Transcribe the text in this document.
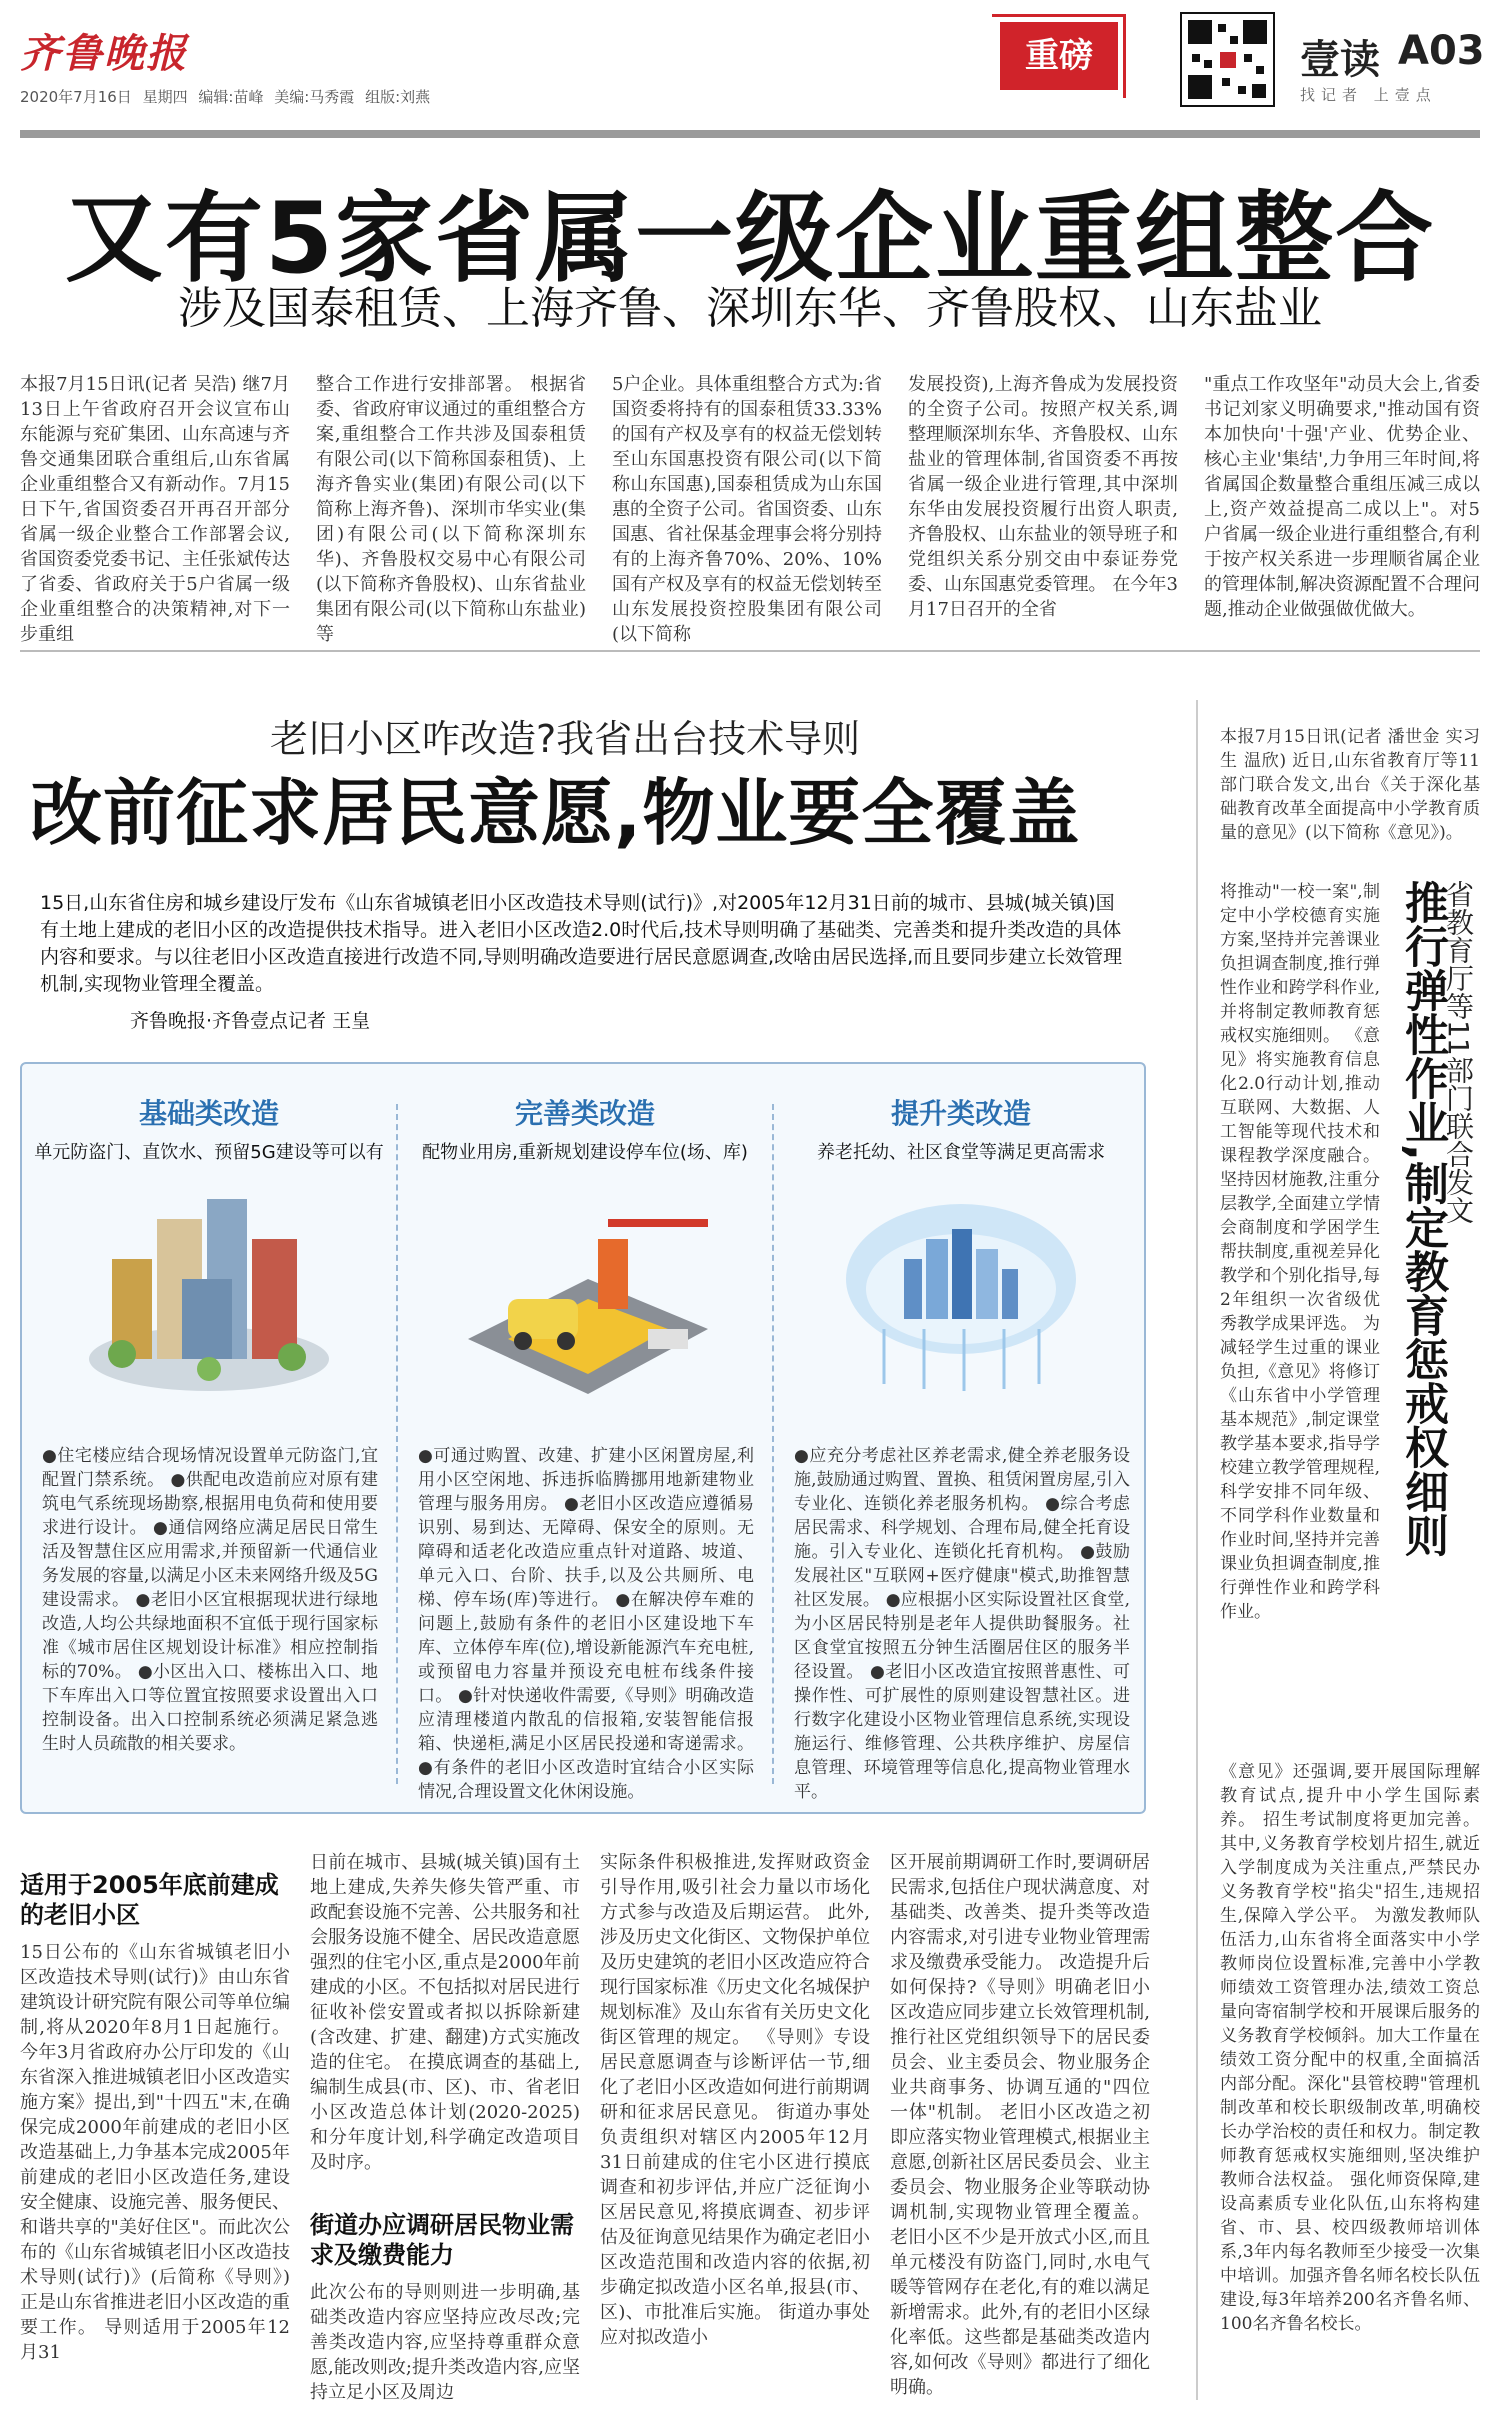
齐鲁晚报
2020年7月16日 星期四 编辑:苗峰 美编:马秀霞 组版:刘燕
重磅	壹读 A03
找记者 上壹点
又有5家省属一级企业重组整合
涉及国泰租赁、上海齐鲁、深圳东华、齐鲁股权、山东盐业
本报7月15日讯(记者 吴浩) 继7月13日上午省政府召开会议宣布山东能源与兖矿集团、山东高速与齐鲁交通集团联合重组后,山东省属企业重组整合又有新动作。7月15日下午,省国资委召开再召开部分省属一级企业整合工作部署会议,省国资委党委书记、主任张斌传达了省委、省政府关于5户省属一级企业重组整合的决策精神,对下一步重组
整合工作进行安排部署。 根据省委、省政府审议通过的重组整合方案,重组整合工作共涉及国泰租赁有限公司(以下简称国泰租赁)、上海齐鲁实业(集团)有限公司(以下简称上海齐鲁)、深圳市华实业(集团)有限公司(以下简称深圳东华)、齐鲁股权交易中心有限公司(以下简称齐鲁股权)、山东省盐业集团有限公司(以下简称山东盐业)等
5户企业。具体重组整合方式为:省国资委将持有的国泰租赁33.33%的国有产权及享有的权益无偿划转至山东国惠投资有限公司(以下简称山东国惠),国泰租赁成为山东国惠的全资子公司。省国资委、山东国惠、省社保基金理事会将分别持有的上海齐鲁70%、20%、10%国有产权及享有的权益无偿划转至山东发展投资控股集团有限公司(以下简称
发展投资),上海齐鲁成为发展投资的全资子公司。按照产权关系,调整理顺深圳东华、齐鲁股权、山东盐业的管理体制,省国资委不再按省属一级企业进行管理,其中深圳东华由发展投资履行出资人职责,齐鲁股权、山东盐业的领导班子和党组织关系分别交由中泰证券党委、山东国惠党委管理。 在今年3月17日召开的全省
"重点工作攻坚年"动员大会上,省委书记刘家义明确要求,"推动国有资本加快向'十强'产业、优势企业、核心主业'集结',力争用三年时间,将省属国企数量整合重组压减三成以上,资产效益提高二成以上"。对5户省属一级企业进行重组整合,有利于按产权关系进一步理顺省属企业的管理体制,解决资源配置不合理问题,推动企业做强做优做大。
老旧小区咋改造?我省出台技术导则
改前征求居民意愿,物业要全覆盖
15日,山东省住房和城乡建设厅发布《山东省城镇老旧小区改造技术导则(试行)》,对2005年12月31日前的城市、县城(城关镇)国有土地上建成的老旧小区的改造提供技术指导。进入老旧小区改造2.0时代后,技术导则明确了基础类、完善类和提升类改造的具体内容和要求。与以往老旧小区改造直接进行改造不同,导则明确改造要进行居民意愿调查,改啥由居民选择,而且要同步建立长效管理机制,实现物业管理全覆盖。
齐鲁晚报·齐鲁壹点记者 王皇
基础类改造
单元防盗门、直饮水、预留5G建设等可以有
●住宅楼应结合现场情况设置单元防盗门,宜配置门禁系统。 ●供配电改造前应对原有建筑电气系统现场勘察,根据用电负荷和使用要求进行设计。 ●通信网络应满足居民日常生活及智慧住区应用需求,并预留新一代通信业务发展的容量,以满足小区未来网络升级及5G建设需求。 ●老旧小区宜根据现状进行绿地改造,人均公共绿地面积不宜低于现行国家标准《城市居住区规划设计标准》相应控制指标的70%。 ●小区出入口、楼栋出入口、地下车库出入口等位置宜按照要求设置出入口控制设备。出入口控制系统必须满足紧急逃生时人员疏散的相关要求。
完善类改造
配物业用房,重新规划建设停车位(场、库)
●可通过购置、改建、扩建小区闲置房屋,利用小区空闲地、拆违拆临腾挪用地新建物业管理与服务用房。 ●老旧小区改造应遵循易识别、易到达、无障碍、保安全的原则。无障碍和适老化改造应重点针对道路、坡道、单元入口、台阶、扶手,以及公共厕所、电梯、停车场(库)等进行。 ●在解决停车难的问题上,鼓励有条件的老旧小区建设地下车库、立体停车库(位),增设新能源汽车充电桩,或预留电力容量并预设充电桩布线条件接口。 ●针对快递收件需要,《导则》明确改造应清理楼道内散乱的信报箱,安装智能信报箱、快递柜,满足小区居民投递和寄递需求。 ●有条件的老旧小区改造时宜结合小区实际情况,合理设置文化休闲设施。
提升类改造
养老托幼、社区食堂等满足更高需求
●应充分考虑社区养老需求,健全养老服务设施,鼓励通过购置、置换、租赁闲置房屋,引入专业化、连锁化养老服务机构。 ●综合考虑居民需求、科学规划、合理布局,健全托育设施。引入专业化、连锁化托育机构。 ●鼓励发展社区"互联网+医疗健康"模式,助推智慧社区发展。 ●应根据小区实际设置社区食堂,为小区居民特别是老年人提供助餐服务。社区食堂宜按照五分钟生活圈居住区的服务半径设置。 ●老旧小区改造宜按照普惠性、可操作性、可扩展性的原则建设智慧社区。进行数字化建设小区物业管理信息系统,实现设施运行、维修管理、公共秩序维护、房屋信息管理、环境管理等信息化,提高物业管理水平。
适用于2005年底前建成的老旧小区
15日公布的《山东省城镇老旧小区改造技术导则(试行)》由山东省建筑设计研究院有限公司等单位编制,将从2020年8月1日起施行。 今年3月省政府办公厅印发的《山东省深入推进城镇老旧小区改造实施方案》提出,到"十四五"末,在确保完成2000年前建成的老旧小区改造基础上,力争基本完成2005年前建成的老旧小区改造任务,建设安全健康、设施完善、服务便民、和谐共享的"美好住区"。而此次公布的《山东省城镇老旧小区改造技术导则(试行)》(后简称《导则》)正是山东省推进老旧小区改造的重要工作。 导则适用于2005年12月31
日前在城市、县城(城关镇)国有土地上建成,失养失修失管严重、市政配套设施不完善、公共服务和社会服务设施不健全、居民改造意愿强烈的住宅小区,重点是2000年前建成的小区。不包括拟对居民进行征收补偿安置或者拟以拆除新建(含改建、扩建、翻建)方式实施改造的住宅。 在摸底调查的基础上,编制生成县(市、区)、市、省老旧小区改造总体计划(2020-2025)和分年度计划,科学确定改造项目及时序。
街道办应调研居民物业需求及缴费能力
此次公布的导则则进一步明确,基础类改造内容应坚持应改尽改;完善类改造内容,应坚持尊重群众意愿,能改则改;提升类改造内容,应坚持立足小区及周边
实际条件积极推进,发挥财政资金引导作用,吸引社会力量以市场化方式参与改造及后期运营。 此外,涉及历史文化街区、文物保护单位及历史建筑的老旧小区改造应符合现行国家标准《历史文化名城保护规划标准》及山东省有关历史文化街区管理的规定。 《导则》专设居民意愿调查与诊断评估一节,细化了老旧小区改造如何进行前期调研和征求居民意见。 街道办事处负责组织对辖区内2005年12月31日前建成的住宅小区进行摸底调查和初步评估,并应广泛征询小区居民意见,将摸底调查、初步评估及征询意见结果作为确定老旧小区改造范围和改造内容的依据,初步确定拟改造小区名单,报县(市、区)、市批准后实施。 街道办事处应对拟改造小
区开展前期调研工作时,要调研居民需求,包括住户现状满意度、对基础类、改善类、提升类等改造内容需求,对引进专业物业管理需求及缴费承受能力。 改造提升后如何保持?《导则》明确老旧小区改造应同步建立长效管理机制,推行社区党组织领导下的居民委员会、业主委员会、物业服务企业共商事务、协调互通的"四位一体"机制。 老旧小区改造之初即应落实物业管理模式,根据业主意愿,创新社区居民委员会、业主委员会、物业服务企业等联动协调机制,实现物业管理全覆盖。 老旧小区不少是开放式小区,而且单元楼没有防盗门,同时,水电气暖等管网存在老化,有的难以满足新增需求。此外,有的老旧小区绿化率低。这些都是基础类改造内容,如何改《导则》都进行了细化明确。
本报7月15日讯(记者 潘世金 实习生 温欣) 近日,山东省教育厅等11部门联合发文,出台《关于深化基础教育改革全面提高中小学教育质量的意见》(以下简称《意见》)。
省教育厅等11部门联合发文
推行弹性作业,制定教育惩戒权细则
将推动"一校一案",制定中小学校德育实施方案,坚持并完善课业负担调查制度,推行弹性作业和跨学科作业,并将制定教师教育惩戒权实施细则。 《意见》将实施教育信息化2.0行动计划,推动互联网、大数据、人工智能等现代技术和课程教学深度融合。坚持因材施教,注重分层教学,全面建立学情会商制度和学困学生帮扶制度,重视差异化教学和个别化指导,每2年组织一次省级优秀教学成果评选。 为减轻学生过重的课业负担,《意见》将修订《山东省中小学管理基本规范》,制定课堂教学基本要求,指导学校建立教学管理规程,科学安排不同年级、不同学科作业数量和作业时间,坚持并完善课业负担调查制度,推行弹性作业和跨学科作业。
《意见》还强调,要开展国际理解教育试点,提升中小学生国际素养。 招生考试制度将更加完善。其中,义务教育学校划片招生,就近入学制度成为关注重点,严禁民办义务教育学校"掐尖"招生,违规招生,保障入学公平。 为激发教师队伍活力,山东省将全面落实中小学教师岗位设置标准,完善中小学教师绩效工资管理办法,绩效工资总量向寄宿制学校和开展课后服务的义务教育学校倾斜。加大工作量在绩效工资分配中的权重,全面搞活内部分配。深化"县管校聘"管理机制改革和校长职级制改革,明确校长办学治校的责任和权力。制定教师教育惩戒权实施细则,坚决维护教师合法权益。 强化师资保障,建设高素质专业化队伍,山东将构建省、市、县、校四级教师培训体系,3年内每名教师至少接受一次集中培训。加强齐鲁名师名校长队伍建设,每3年培养200名齐鲁名师、100名齐鲁名校长。
